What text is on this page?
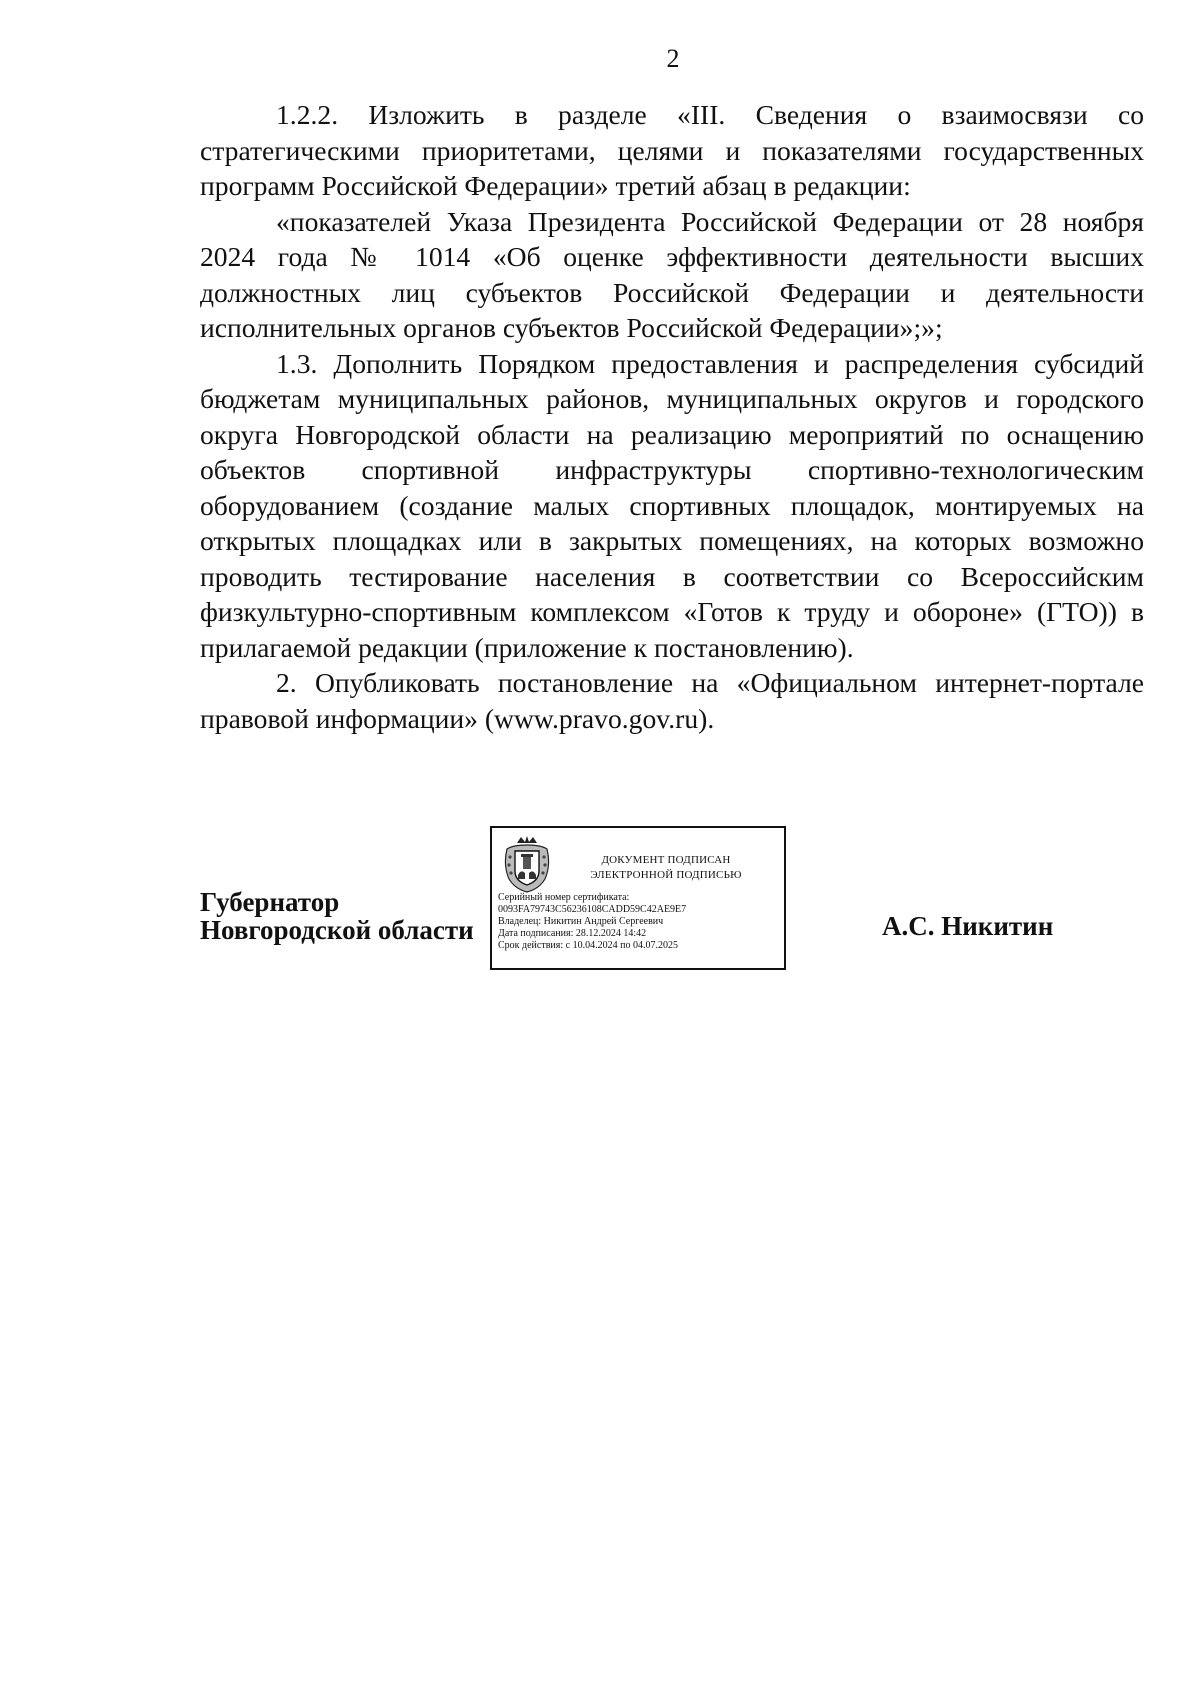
2

1.2.2. Изложить в разделе «III. Сведения о взаимосвязи со стратегическими приоритетами, целями и показателями государственных программ Российской Федерации» третий абзац в редакции:

«показателей Указа Президента Российской Федерации от 28 ноября 2024 года № 1014 «Об оценке эффективности деятельности высших должностных лиц субъектов Российской Федерации и деятельности исполнительных органов субъектов Российской Федерации»;»;

1.3. Дополнить Порядком предоставления и распределения субсидий бюджетам муниципальных районов, муниципальных округов и городского округа Новгородской области на реализацию мероприятий по оснащению объектов спортивной инфраструктуры спортивно-технологическим оборудованием (создание малых спортивных площадок, монтируемых на открытых площадках или в закрытых помещениях, на которых возможно проводить тестирование населения в соответствии со Всероссийским физкультурно-спортивным комплексом «Готов к труду и обороне» (ГТО)) в прилагаемой редакции (приложение к постановлению).

2. Опубликовать постановление на «Официальном интернет-портале правовой информации» (www.pravo.gov.ru).

Губернатор
Новгородской области
ДОКУМЕНТ ПОДПИСАН
ЭЛЕКТРОННОЙ ПОДПИСЬЮ
Серийный номер сертификата:
0093FA79743C56236108CADD59C42AE9E7
Владелец: Никитин Андрей Сергеевич
Дата подписания: 28.12.2024 14:42
Срок действия: с 10.04.2024 по 04.07.2025
А.С. Никитин
